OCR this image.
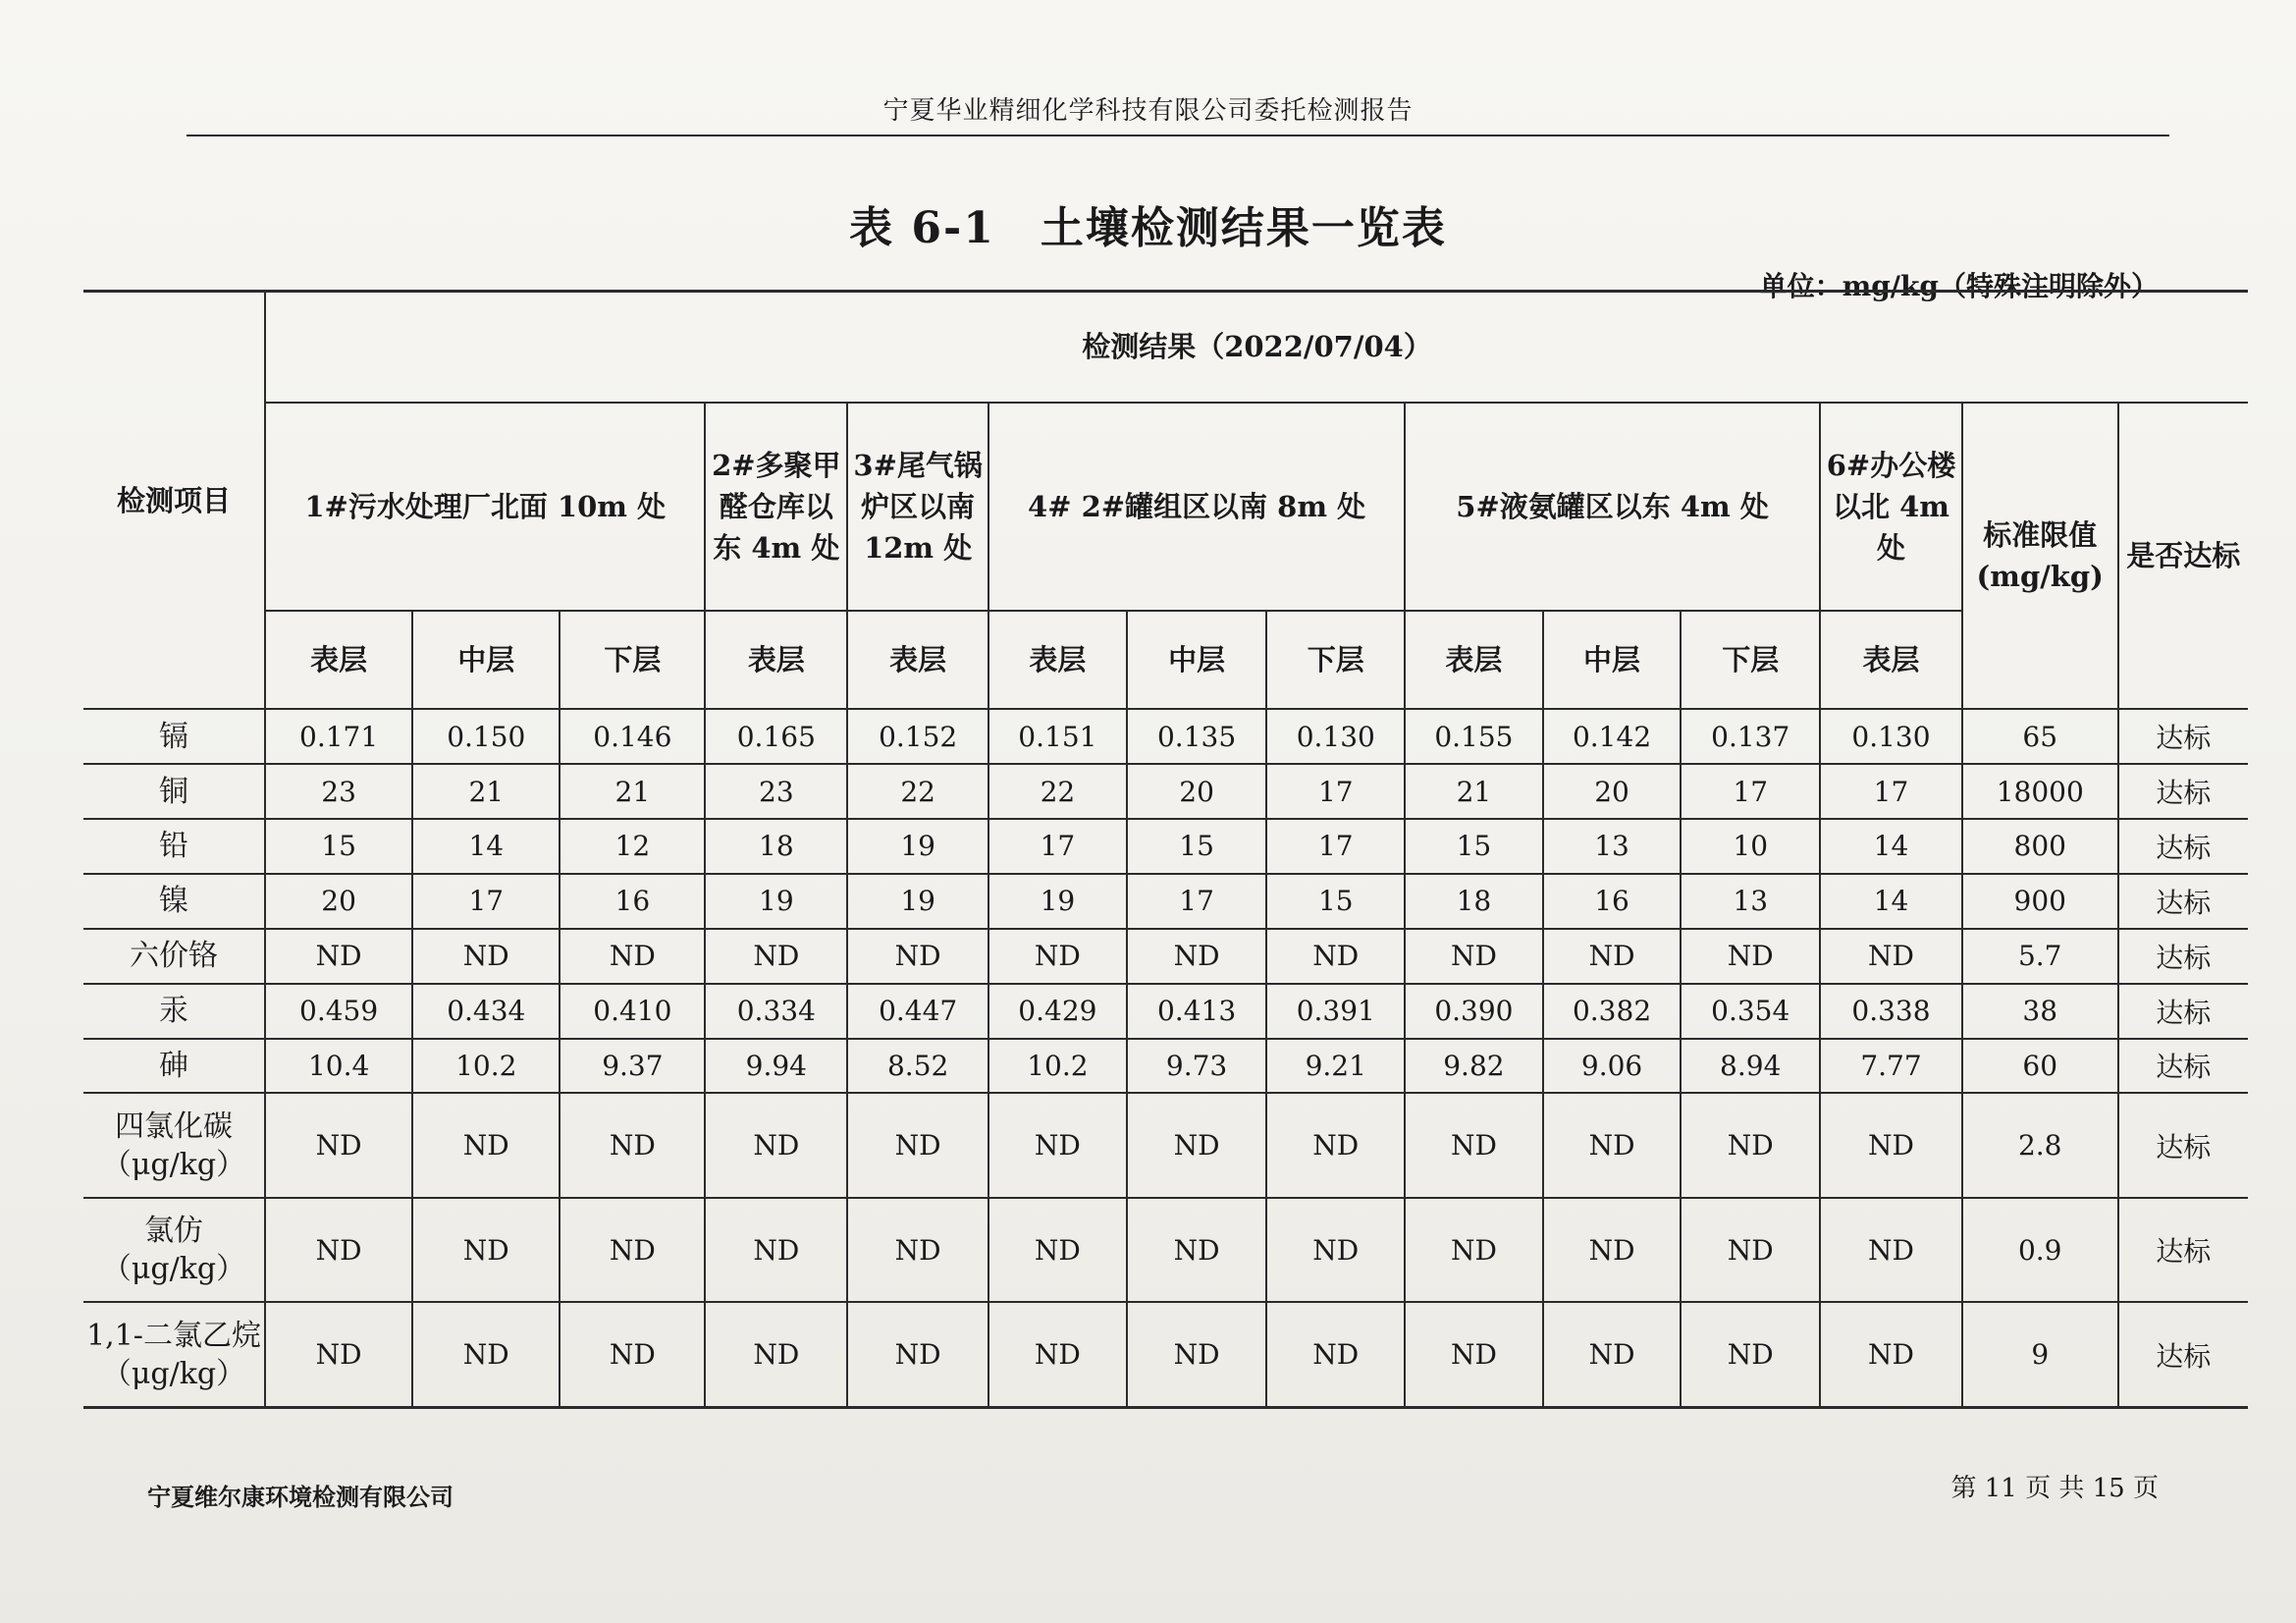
宁夏华业精细化学科技有限公司委托检测报告
表 6-1　土壤检测结果一览表
单位：mg/kg（特殊注明除外）
检测项目	检测结果（2022/07/04）													
	1#污水处理厂北面 10m 处			2#多聚甲醛仓库以东 4m 处	3#尾气锅炉区以南 12m 处	4# 2#罐组区以南 8m 处			5#液氨罐区以东 4m 处			6#办公楼以北 4m 处	标准限值 (mg/kg)	是否达标
	表层	中层	下层	表层	表层	表层	中层	下层	表层	中层	下层	表层		
镉	0.171	0.150	0.146	0.165	0.152	0.151	0.135	0.130	0.155	0.142	0.137	0.130	65	达标
铜	23	21	21	23	22	22	20	17	21	20	17	17	18000	达标
铅	15	14	12	18	19	17	15	17	15	13	10	14	800	达标
镍	20	17	16	19	19	19	17	15	18	16	13	14	900	达标
六价铬	ND	ND	ND	ND	ND	ND	ND	ND	ND	ND	ND	ND	5.7	达标
汞	0.459	0.434	0.410	0.334	0.447	0.429	0.413	0.391	0.390	0.382	0.354	0.338	38	达标
砷	10.4	10.2	9.37	9.94	8.52	10.2	9.73	9.21	9.82	9.06	8.94	7.77	60	达标
四氯化碳（μg/kg）	ND	ND	ND	ND	ND	ND	ND	ND	ND	ND	ND	ND	2.8	达标
氯仿（μg/kg）	ND	ND	ND	ND	ND	ND	ND	ND	ND	ND	ND	ND	0.9	达标
1,1-二氯乙烷（μg/kg）	ND	ND	ND	ND	ND	ND	ND	ND	ND	ND	ND	ND	9	达标
宁夏维尔康环境检测有限公司	第 11 页 共 15 页
